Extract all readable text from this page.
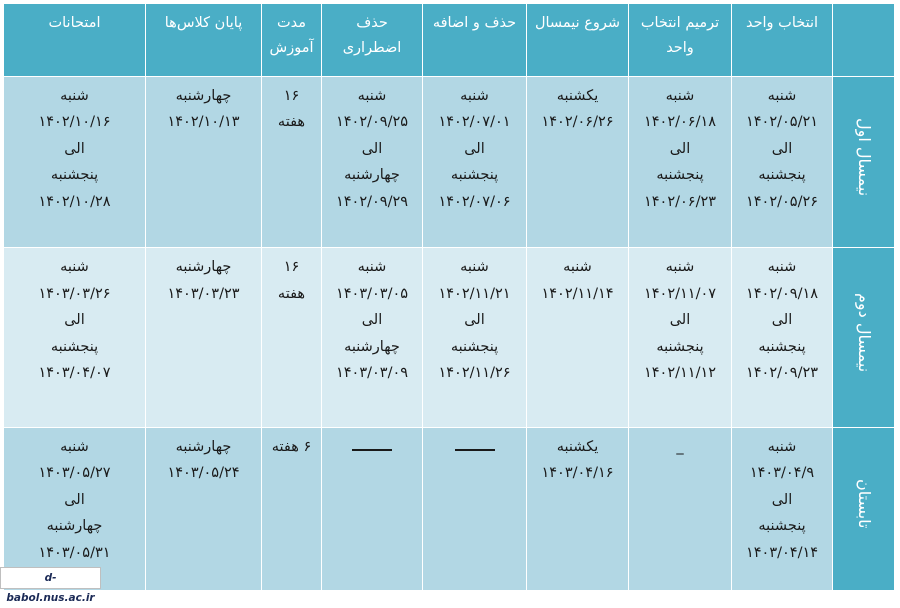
	انتخاب واحد	ترمیم انتخاب واحد	شروع نیمسال	حذف و اضافه	حذف اضطراری	مدت آموزش	پایان کلاس‌ها	امتحانات
نیمسال اول	شنبه
۱۴۰۲/۰۵/۲۱
الی
پنجشنبه
۱۴۰۲/۰۵/۲۶	شنبه
۱۴۰۲/۰۶/۱۸
الی
پنجشنبه
۱۴۰۲/۰۶/۲۳	یکشنبه
۱۴۰۲/۰۶/۲۶	شنبه
۱۴۰۲/۰۷/۰۱
الی
پنجشنبه
۱۴۰۲/۰۷/۰۶	شنبه
۱۴۰۲/۰۹/۲۵
الی
چهارشنبه
۱۴۰۲/۰۹/۲۹	۱۶
هفته	چهارشنبه
۱۴۰۲/۱۰/۱۳	شنبه
۱۴۰۲/۱۰/۱۶
الی
پنجشنبه
۱۴۰۲/۱۰/۲۸

نیمسال دوم	شنبه
۱۴۰۲/۰۹/۱۸
الی
پنجشنبه
۱۴۰۲/۰۹/۲۳	شنبه
۱۴۰۲/۱۱/۰۷
الی
پنجشنبه
۱۴۰۲/۱۱/۱۲	شنبه
۱۴۰۲/۱۱/۱۴	شنبه
۱۴۰۲/۱۱/۲۱
الی
پنجشنبه
۱۴۰۲/۱۱/۲۶	شنبه
۱۴۰۳/۰۳/۰۵
الی
چهارشنبه
۱۴۰۳/۰۳/۰۹	۱۶
هفته	چهارشنبه
۱۴۰۳/۰۳/۲۳	شنبه
۱۴۰۳/۰۳/۲۶
الی
پنجشنبه
۱۴۰۳/۰۴/۰۷

تابستان	شنبه
۱۴۰۳/۰۴/۹
الی
پنجشنبه
۱۴۰۳/۰۴/۱۴	_	یکشنبه
۱۴۰۳/۰۴/۱۶			۶ هفته	چهارشنبه
۱۴۰۳/۰۵/۲۴	شنبه
۱۴۰۳/۰۵/۲۷
الی
چهارشنبه
۱۴۰۳/۰۵/۳۱
d-babol.nus.ac.ir
